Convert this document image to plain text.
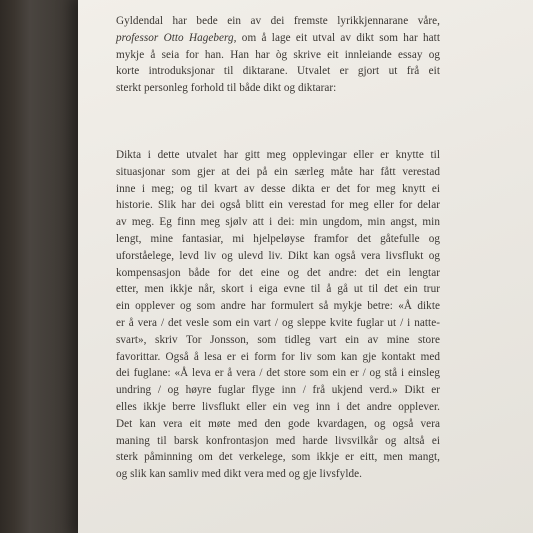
Gyldendal har bede ein av dei fremste lyrikkjennarane våre,
professor Otto Hageberg, om å lage eit utval av dikt som har hatt
mykje å seia for han. Han har òg skrive eit innleiande essay og
korte introduksjonar til diktarane. Utvalet er gjort ut frå eit
sterkt personleg forhold til både dikt og diktarar:
Dikta i dette utvalet har gitt meg opplevingar eller er knytte til
situasjonar som gjer at dei på ein særleg måte har fått verestad
inne i meg; og til kvart av desse dikta er det for meg knytt ei
historie. Slik har dei også blitt ein verestad for meg eller for delar
av meg. Eg finn meg sjølv att i dei: min ungdom, min angst, min
lengt, mine fantasiar, mi hjelpeløyse framfor det gåtefulle og
uforståelege, levd liv og ulevd liv. Dikt kan også vera livsflukt og
kompensasjon både for det eine og det andre: det ein lengtar
etter, men ikkje når, skort i eiga evne til å gå ut til det ein trur
ein opplever og som andre har formulert så mykje betre: «Å dikte
er å vera / det vesle som ein vart / og sleppe kvite fuglar ut / i natte-
svart», skriv Tor Jonsson, som tidleg vart ein av mine store
favorittar. Også å lesa er ei form for liv som kan gje kontakt med
dei fuglane: «Å leva er å vera / det store som ein er / og stå i einsleg
undring / og høyre fuglar flyge inn / frå ukjend verd.» Dikt er
elles ikkje berre livsflukt eller ein veg inn i det andre opplever.
Det kan vera eit møte med den gode kvardagen, og også vera
maning til barsk konfrontasjon med harde livsvilkår og altså ei
sterk påminning om det verkelege, som ikkje er eitt, men mangt,
og slik kan samliv med dikt vera med og gje livsfylde.
